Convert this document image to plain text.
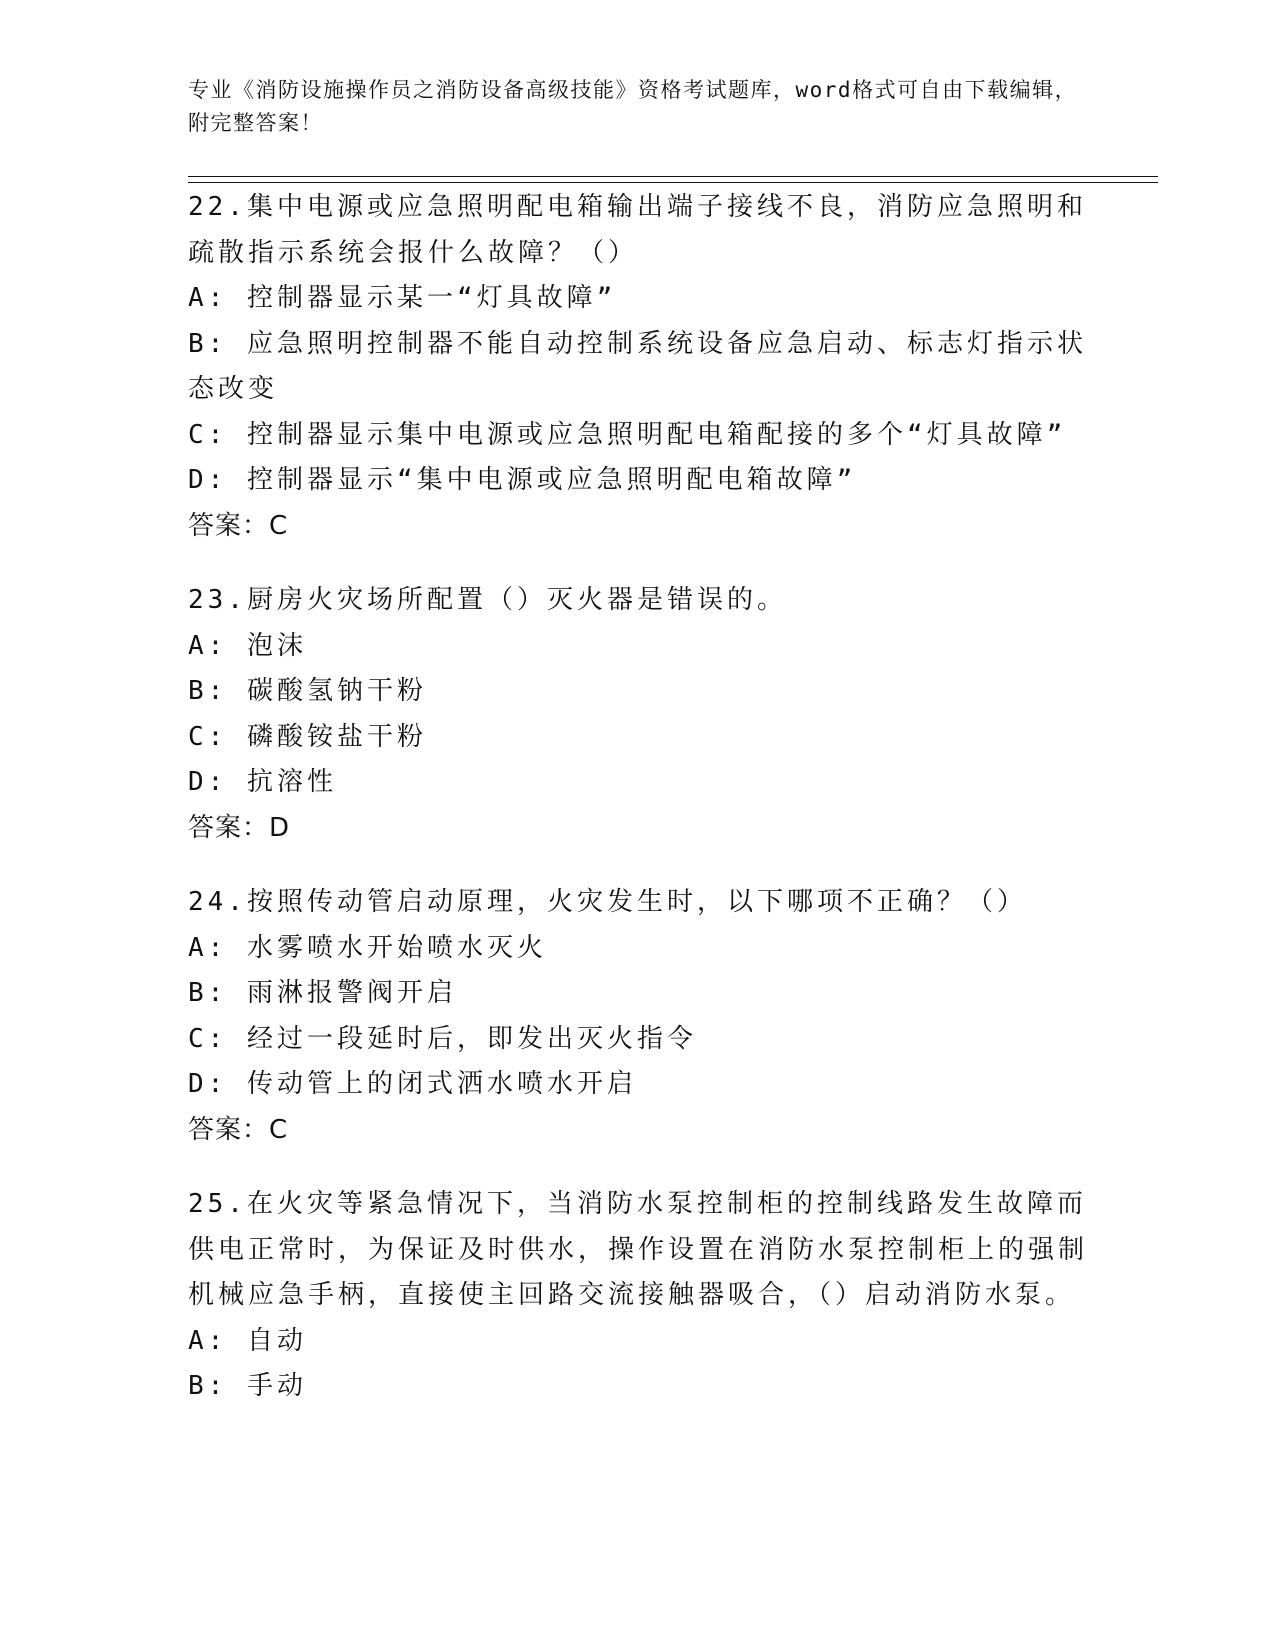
专业《消防设施操作员之消防设备高级技能》资格考试题库，word格式可自由下载编辑，附完整答案！
22.集中电源或应急照明配电箱输出端子接线不良，消防应急照明和疏散指示系统会报什么故障？（）
A: 控制器显示某一“灯具故障”
B: 应急照明控制器不能自动控制系统设备应急启动、标志灯指示状态改变
C: 控制器显示集中电源或应急照明配电箱配接的多个“灯具故障”
D: 控制器显示“集中电源或应急照明配电箱故障”
答案：C
23.厨房火灾场所配置（）灭火器是错误的。
A: 泡沫
B: 碳酸氢钠干粉
C: 磷酸铵盐干粉
D: 抗溶性
答案：D
24.按照传动管启动原理，火灾发生时，以下哪项不正确？（）
A: 水雾喷水开始喷水灭火
B: 雨淋报警阀开启
C: 经过一段延时后，即发出灭火指令
D: 传动管上的闭式洒水喷水开启
答案：C
25.在火灾等紧急情况下，当消防水泵控制柜的控制线路发生故障而供电正常时，为保证及时供水，操作设置在消防水泵控制柜上的强制机械应急手柄，直接使主回路交流接触器吸合，（）启动消防水泵。
A: 自动
B: 手动
